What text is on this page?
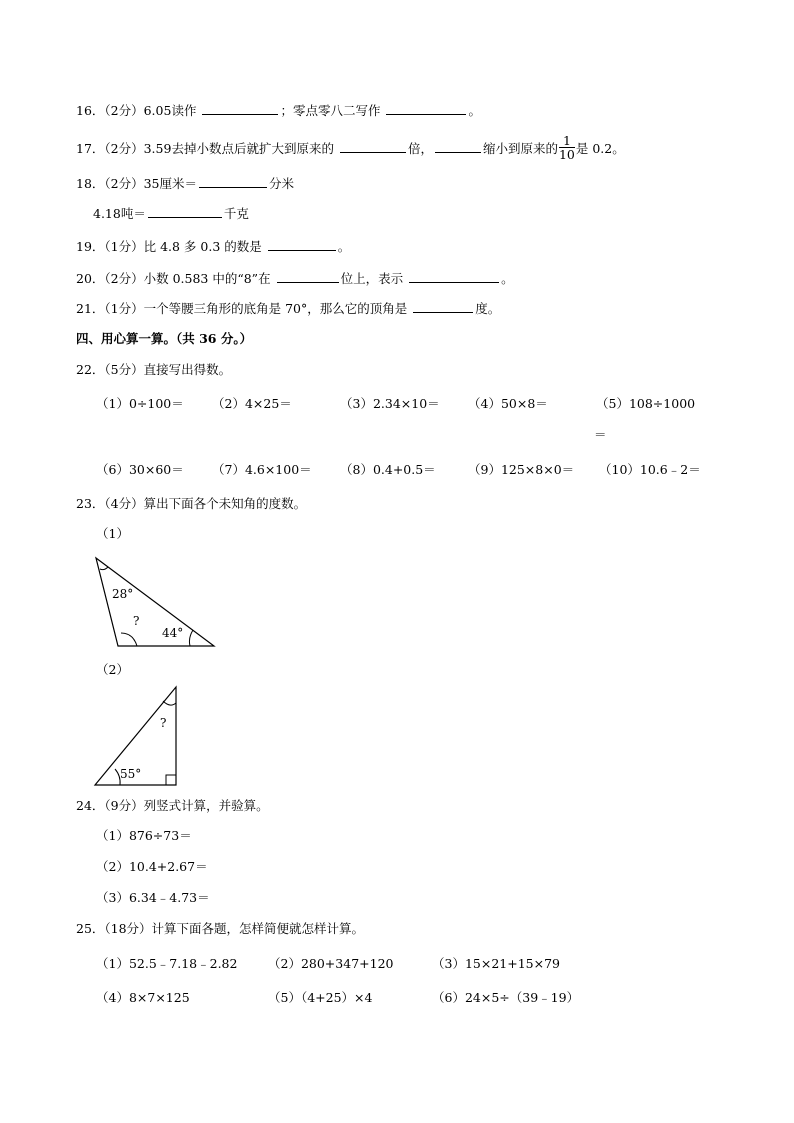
16．（2分）6.05读作	；零点零八二写作	。
17．（2分）3.59去掉小数点后就扩大到原来的	倍，	缩小到原来的 $\frac{1}{10}$ 是 0.2。
18．（2分）35厘米＝	分米
4.18吨＝	千克
19．（1分）比 4.8 多 0.3 的数是	。
20．（2分）小数 0.583 中的“8”在	位上，表示	。
21．（1分）一个等腰三角形的底角是 70°，那么它的顶角是	度。
四、用心算一算。（共 36 分。）
22．（5分）直接写出得数。
（1）0÷100＝ （2）4×25＝	（3）2.34×10＝ （4）50×8＝	（5）108÷1000
＝
（6）30×60＝ （7）4.6×100＝ （8）0.4+0.5＝	（9）125×8×0＝ （10）10.6﹣2＝
23．（4分）算出下面各个未知角的度数。
（1）
28°
?
44°
（2）
?
55°
24．（9分）列竖式计算，并验算。
（1）876÷73＝
（2）10.4+2.67＝
（3）6.34﹣4.73＝
25．（18分）计算下面各题，怎样简便就怎样计算。
（1）52.5﹣7.18﹣2.82 （2）280+347+120	（3）15×21+15×79
（4）8×7×125	（5）（4+25）×4	（6）24×5÷（39﹣19）
